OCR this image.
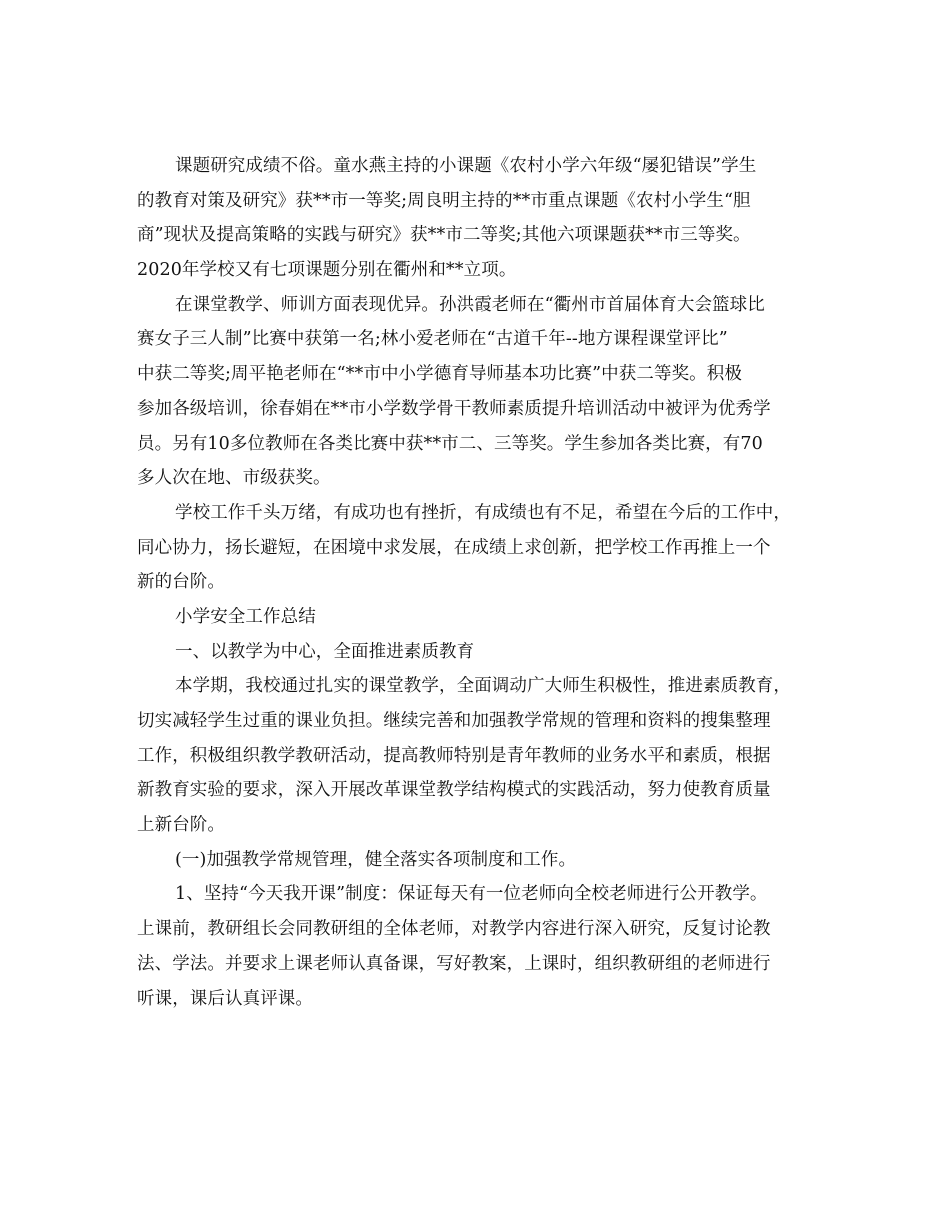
课题研究成绩不俗。童水燕主持的小课题《农村小学六年级“屡犯错误”学生
的教育对策及研究》获**市一等奖;周良明主持的**市重点课题《农村小学生“胆
商”现状及提高策略的实践与研究》获**市二等奖;其他六项课题获**市三等奖。
2020年学校又有七项课题分别在衢州和**立项。
在课堂教学、师训方面表现优异。孙洪霞老师在“衢州市首届体育大会篮球比
赛女子三人制”比赛中获第一名;林小爱老师在“古道千年--地方课程课堂评比”
中获二等奖;周平艳老师在“**市中小学德育导师基本功比赛”中获二等奖。积极
参加各级培训，徐春娟在**市小学数学骨干教师素质提升培训活动中被评为优秀学
员。另有10多位教师在各类比赛中获**市二、三等奖。学生参加各类比赛，有70
多人次在地、市级获奖。
学校工作千头万绪，有成功也有挫折，有成绩也有不足，希望在今后的工作中，
同心协力，扬长避短，在困境中求发展，在成绩上求创新，把学校工作再推上一个
新的台阶。
小学安全工作总结
一、以教学为中心，全面推进素质教育
本学期，我校通过扎实的课堂教学，全面调动广大师生积极性，推进素质教育，
切实减轻学生过重的课业负担。继续完善和加强教学常规的管理和资料的搜集整理
工作，积极组织教学教研活动，提高教师特别是青年教师的业务水平和素质，根据
新教育实验的要求，深入开展改革课堂教学结构模式的实践活动，努力使教育质量
上新台阶。
(一)加强教学常规管理，健全落实各项制度和工作。
1、坚持“今天我开课”制度：保证每天有一位老师向全校老师进行公开教学。
上课前，教研组长会同教研组的全体老师，对教学内容进行深入研究，反复讨论教
法、学法。并要求上课老师认真备课，写好教案，上课时，组织教研组的老师进行
听课，课后认真评课。
